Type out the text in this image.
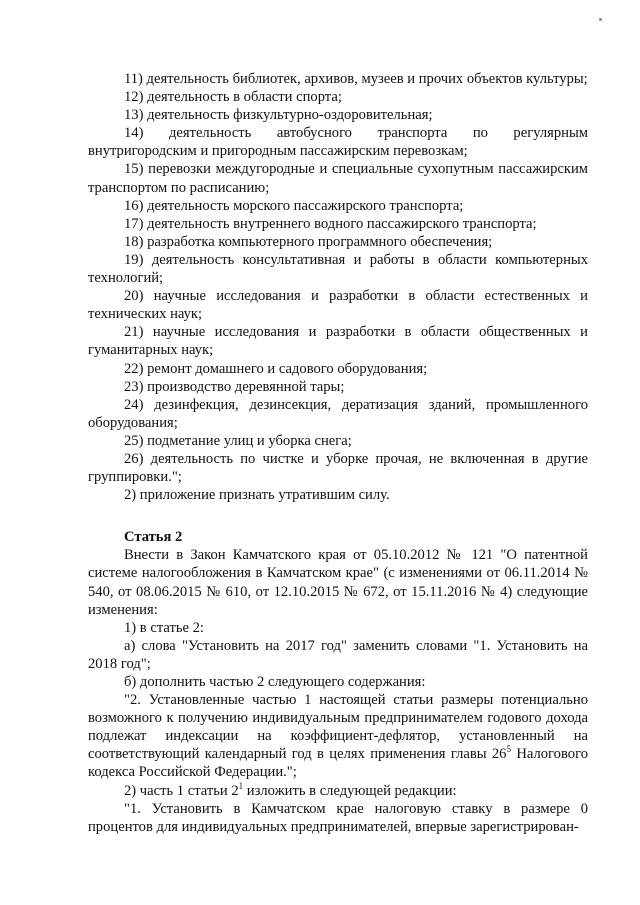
11) деятельность библиотек, архивов, музеев и прочих объектов культуры;

12) деятельность в области спорта;

13) деятельность физкультурно-оздоровительная;

14) деятельность автобусного транспорта по регулярным внутригородским и пригородным пассажирским перевозкам;

15) перевозки междугородные и специальные сухопутным пассажирским транспортом по расписанию;

16) деятельность морского пассажирского транспорта;

17) деятельность внутреннего водного пассажирского транспорта;

18) разработка компьютерного программного обеспечения;

19) деятельность консультативная и работы в области компьютерных технологий;

20) научные исследования и разработки в области естественных и технических наук;

21) научные исследования и разработки в области общественных и гуманитарных наук;

22) ремонт домашнего и садового оборудования;

23) производство деревянной тары;

24) дезинфекция, дезинсекция, дератизация зданий, промышленного оборудования;

25) подметание улиц и уборка снега;

26) деятельность по чистке и уборке прочая, не включенная в другие группировки.";

2) приложение признать утратившим силу.

Статья 2

Внести в Закон Камчатского края от 05.10.2012 № 121 "О патентной системе налогообложения в Камчатском крае" (с изменениями от 06.11.2014 № 540, от 08.06.2015 № 610, от 12.10.2015 № 672, от 15.11.2016 № 4) следующие изменения:

1) в статье 2:

а) слова "Установить на 2017 год" заменить словами "1. Установить на 2018 год";

б) дополнить частью 2 следующего содержания:

"2. Установленные частью 1 настоящей статьи размеры потенциально возможного к получению индивидуальным предпринимателем годового дохода подлежат индексации на коэффициент-дефлятор, установленный на соответствующий календарный год в целях применения главы $26^5$ Налогового кодекса Российской Федерации.";

2) часть 1 статьи $2^1$ изложить в следующей редакции:

"1. Установить в Камчатском крае налоговую ставку в размере 0 процентов для индивидуальных предпринимателей, впервые зарегистрирован-
